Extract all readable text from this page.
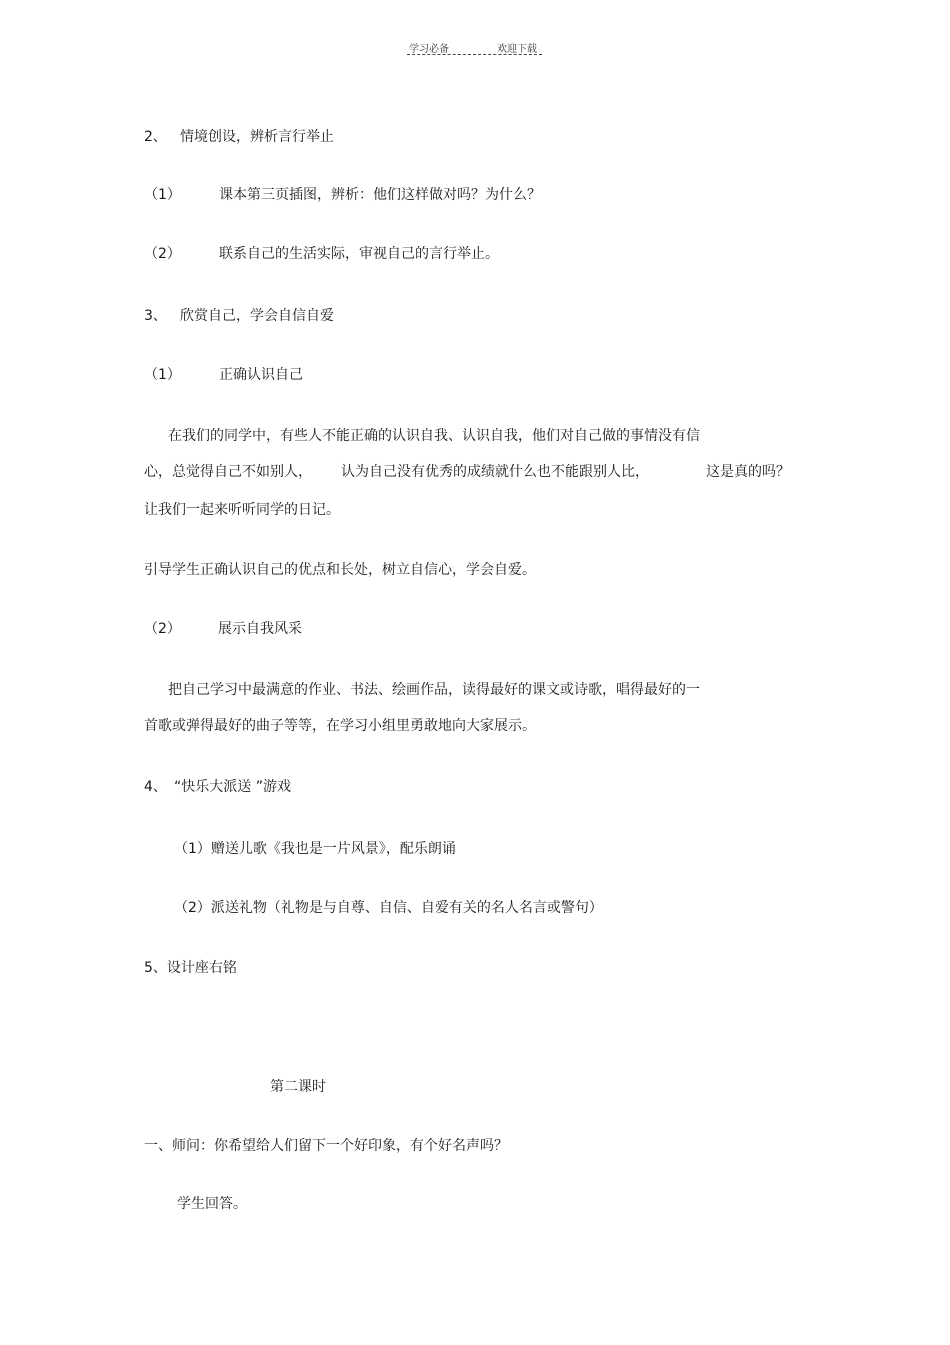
学习必备	欢迎下载
2、 情境创设，辨析言行举止
（1）	课本第三页插图，辨析：他们这样做对吗？为什么？
（2）	联系自己的生活实际，审视自己的言行举止。
3、 欣赏自己，学会自信自爱
（1）	正确认识自己
在我们的同学中，有些人不能正确的认识自我、认识自我，他们对自己做的事情没有信
心，总觉得自己不如别人， 认为自己没有优秀的成绩就什么也不能跟别人比，	这是真的吗？
让我们一起来听听同学的日记。
引导学生正确认识自己的优点和长处，树立自信心，学会自爱。
（2）	展示自我风采
把自己学习中最满意的作业、书法、绘画作品，读得最好的课文或诗歌，唱得最好的一
首歌或弹得最好的曲子等等，在学习小组里勇敢地向大家展示。
4、 “快乐大派送 ”游戏
（1）赠送儿歌《我也是一片风景》，配乐朗诵
（2）派送礼物（礼物是与自尊、自信、自爱有关的名人名言或警句）
5、设计座右铭
第二课时
一、师问：你希望给人们留下一个好印象，有个好名声吗？
学生回答。
